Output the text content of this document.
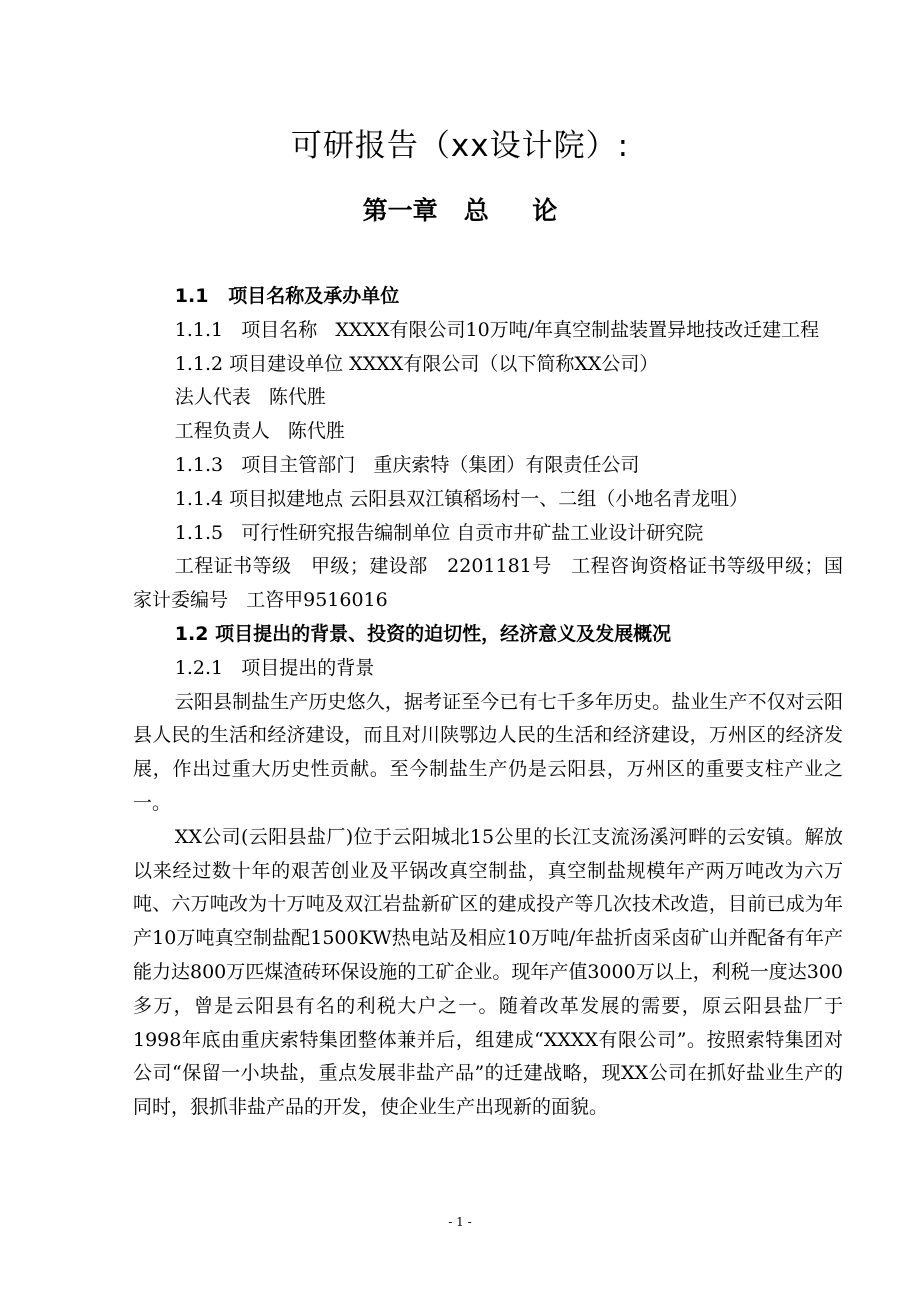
可研报告（xx设计院）:
第一章   总     论

1.1   项目名称及承办单位

1.1.1   项目名称   XXXX有限公司10万吨/年真空制盐装置异地技改迁建工程

1.1.2 项目建设单位 XXXX有限公司（以下简称XX公司）

法人代表   陈代胜

工程负责人   陈代胜

1.1.3   项目主管部门   重庆索特（集团）有限责任公司

1.1.4 项目拟建地点 云阳县双江镇稻场村一、二组（小地名青龙咀）

1.1.5   可行性研究报告编制单位 自贡市井矿盐工业设计研究院

工程证书等级   甲级；建设部   2201181号   工程咨询资格证书等级甲级；国家计委编号   工咨甲9516016

1.2 项目提出的背景、投资的迫切性，经济意义及发展概况

1.2.1   项目提出的背景

云阳县制盐生产历史悠久，据考证至今已有七千多年历史。盐业生产不仅对云阳县人民的生活和经济建设，而且对川陕鄂边人民的生活和经济建设，万州区的经济发展，作出过重大历史性贡献。至今制盐生产仍是云阳县，万州区的重要支柱产业之一。

XX公司(云阳县盐厂)位于云阳城北15公里的长江支流汤溪河畔的云安镇。解放以来经过数十年的艰苦创业及平锅改真空制盐，真空制盐规模年产两万吨改为六万吨、六万吨改为十万吨及双江岩盐新矿区的建成投产等几次技术改造，目前已成为年产10万吨真空制盐配1500KW热电站及相应10万吨/年盐折卤采卤矿山并配备有年产能力达800万匹煤渣砖环保设施的工矿企业。现年产值3000万以上，利税一度达300多万，曾是云阳县有名的利税大户之一。随着改革发展的需要，原云阳县盐厂于1998年底由重庆索特集团整体兼并后，组建成“XXXX有限公司”。按照索特集团对公司“保留一小块盐，重点发展非盐产品”的迁建战略，现XX公司在抓好盐业生产的同时，狠抓非盐产品的开发，使企业生产出现新的面貌。

- 1 -
